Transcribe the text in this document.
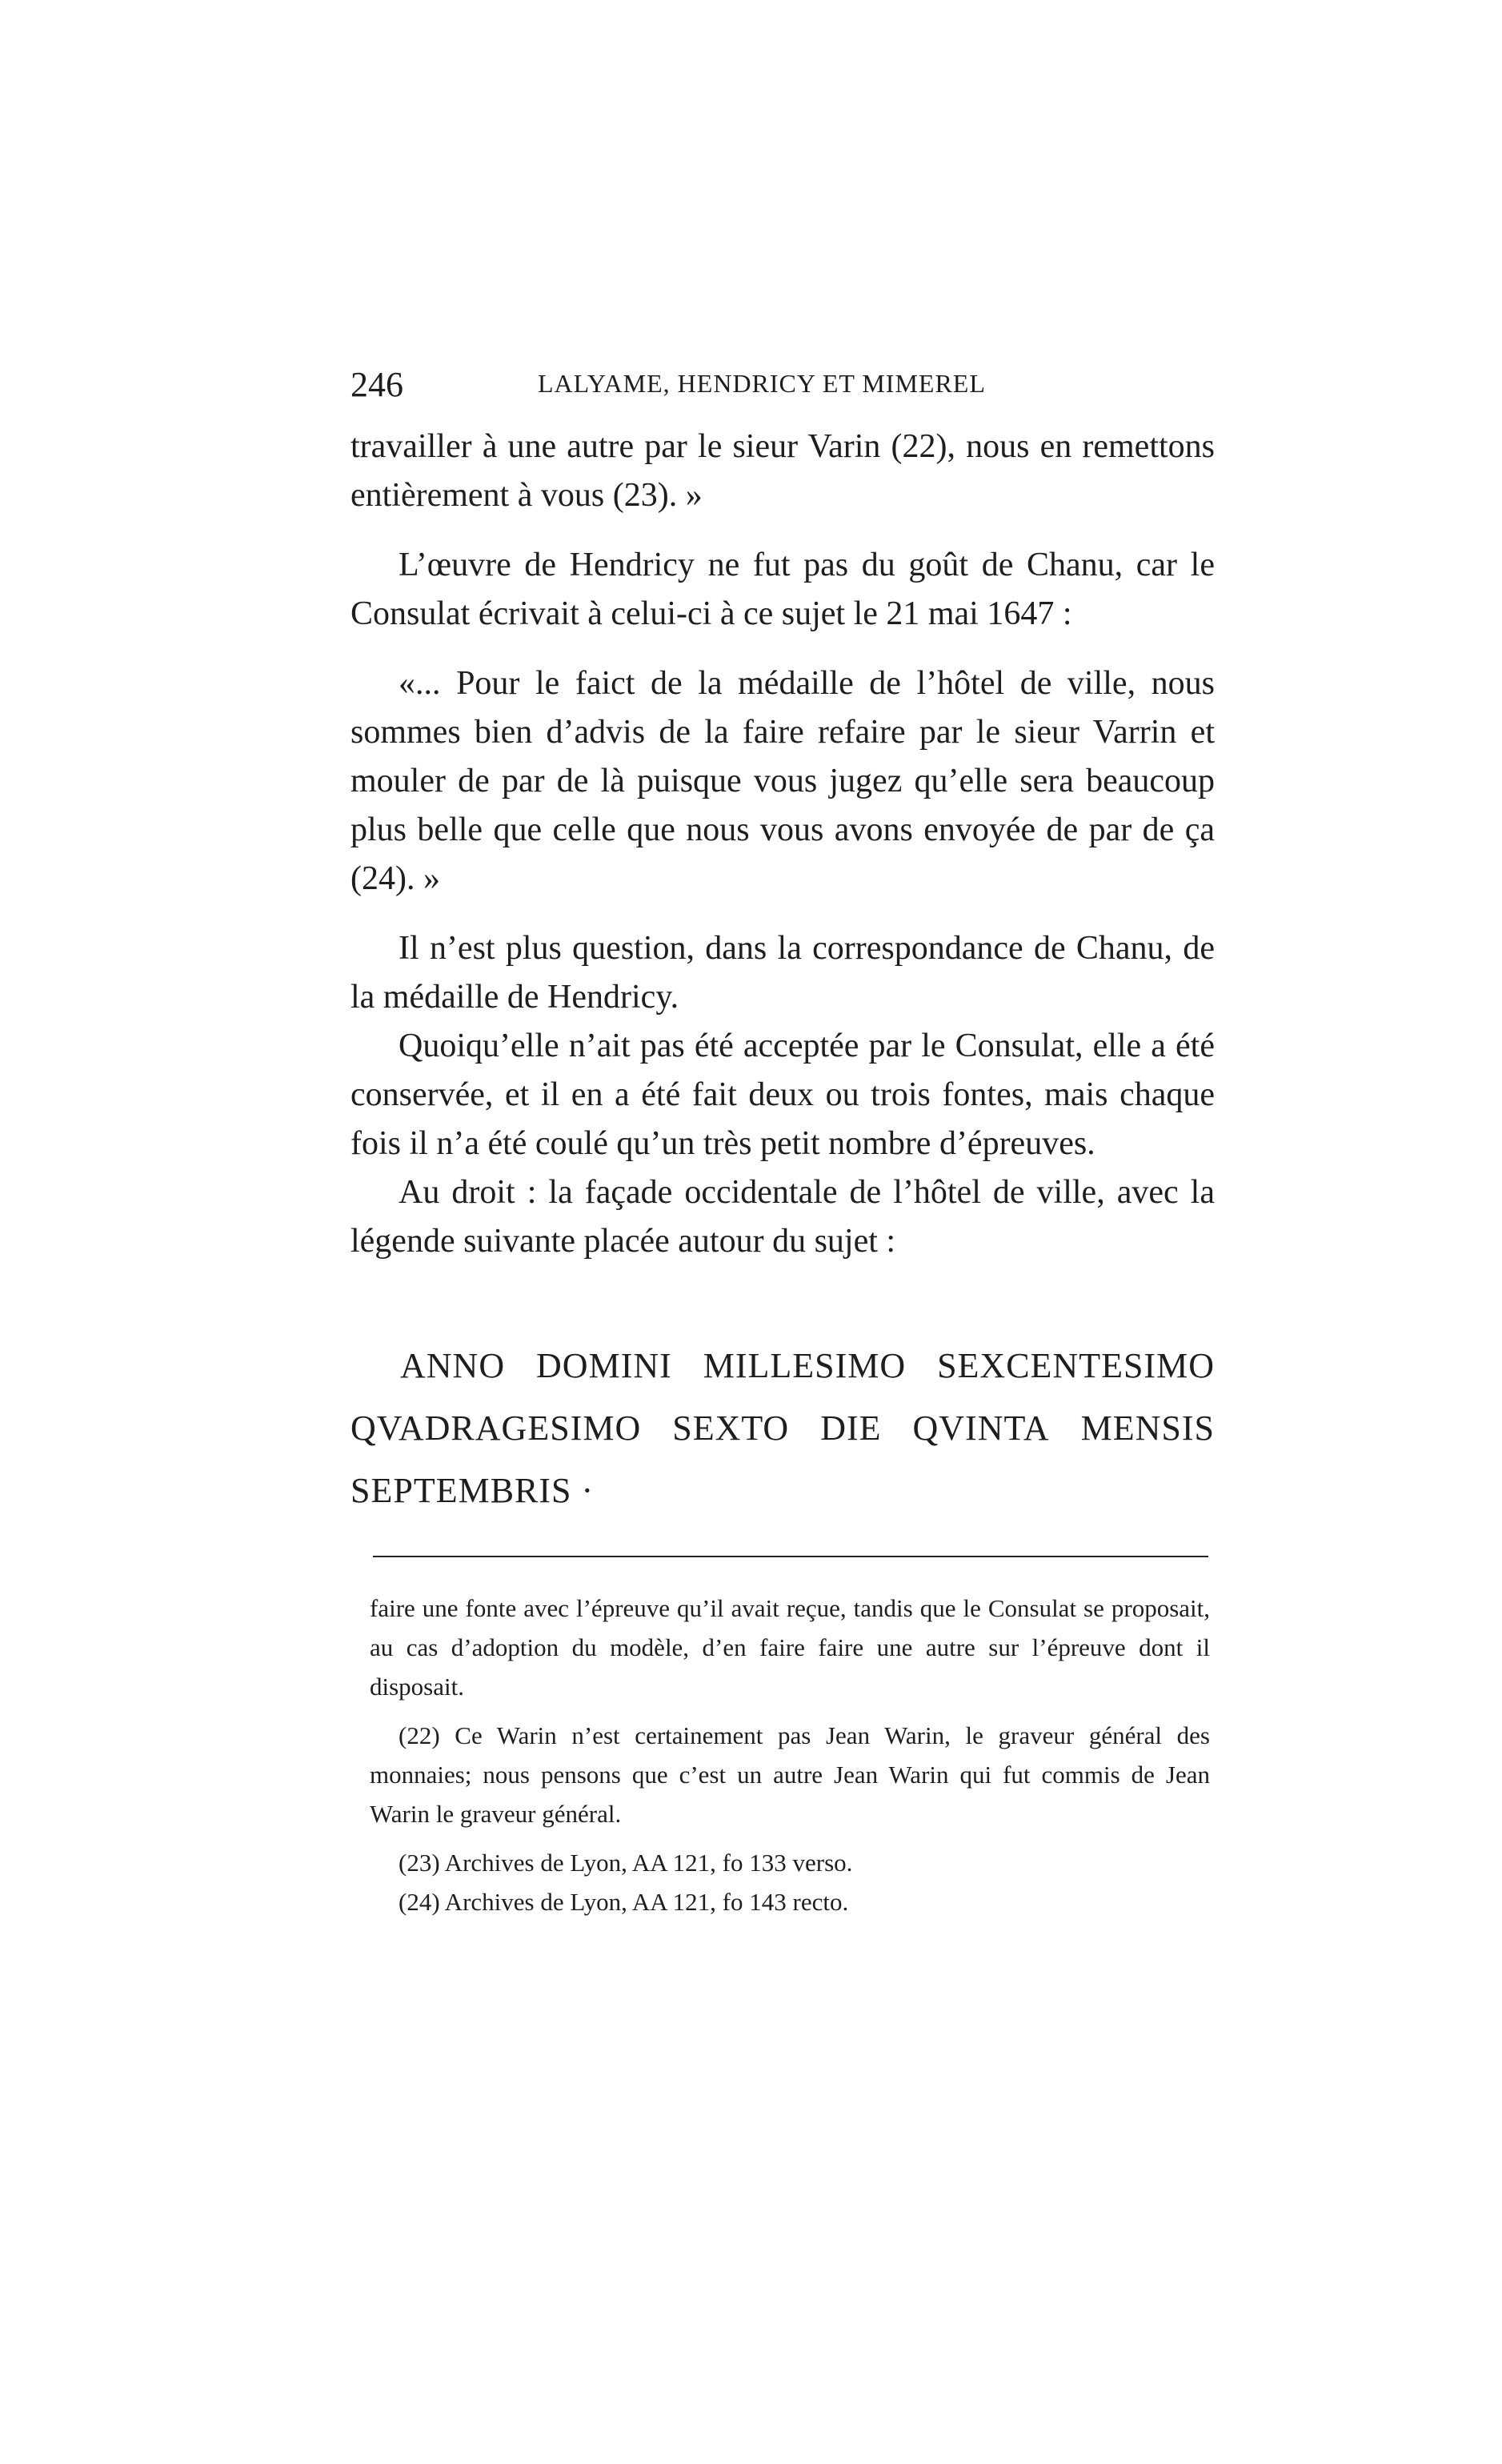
246	LALYAME, HENDRICY ET MIMEREL

travailler à une autre par le sieur Varin (22), nous en remettons entièrement à vous (23). »

L’œuvre de Hendricy ne fut pas du goût de Chanu, car le Consulat écrivait à celui-ci à ce sujet le 21 mai 1647 :

«... Pour le faict de la médaille de l’hôtel de ville, nous sommes bien d’advis de la faire refaire par le sieur Varrin et mouler de par de là puisque vous jugez qu’elle sera beaucoup plus belle que celle que nous vous avons envoyée de par de ça (24). »

Il n’est plus question, dans la correspondance de Chanu, de la médaille de Hendricy.

Quoiqu’elle n’ait pas été acceptée par le Consulat, elle a été conservée, et il en a été fait deux ou trois fontes, mais chaque fois il n’a été coulé qu’un très petit nombre d’épreuves.

Au droit : la façade occidentale de l’hôtel de ville, avec la légende suivante placée autour du sujet :

ANNO DOMINI MILLESIMO SEXCENTESIMO
QVADRAGESIMO SEXTO DIE QVINTA MENSIS
SEPTEMBRIS ·

faire une fonte avec l’épreuve qu’il avait reçue, tandis que le Consulat se proposait, au cas d’adoption du modèle, d’en faire faire une autre sur l’épreuve dont il disposait.

(22) Ce Warin n’est certainement pas Jean Warin, le graveur général des monnaies; nous pensons que c’est un autre Jean Warin qui fut commis de Jean Warin le graveur général.

(23) Archives de Lyon, AA 121, fo 133 verso.

(24) Archives de Lyon, AA 121, fo 143 recto.
